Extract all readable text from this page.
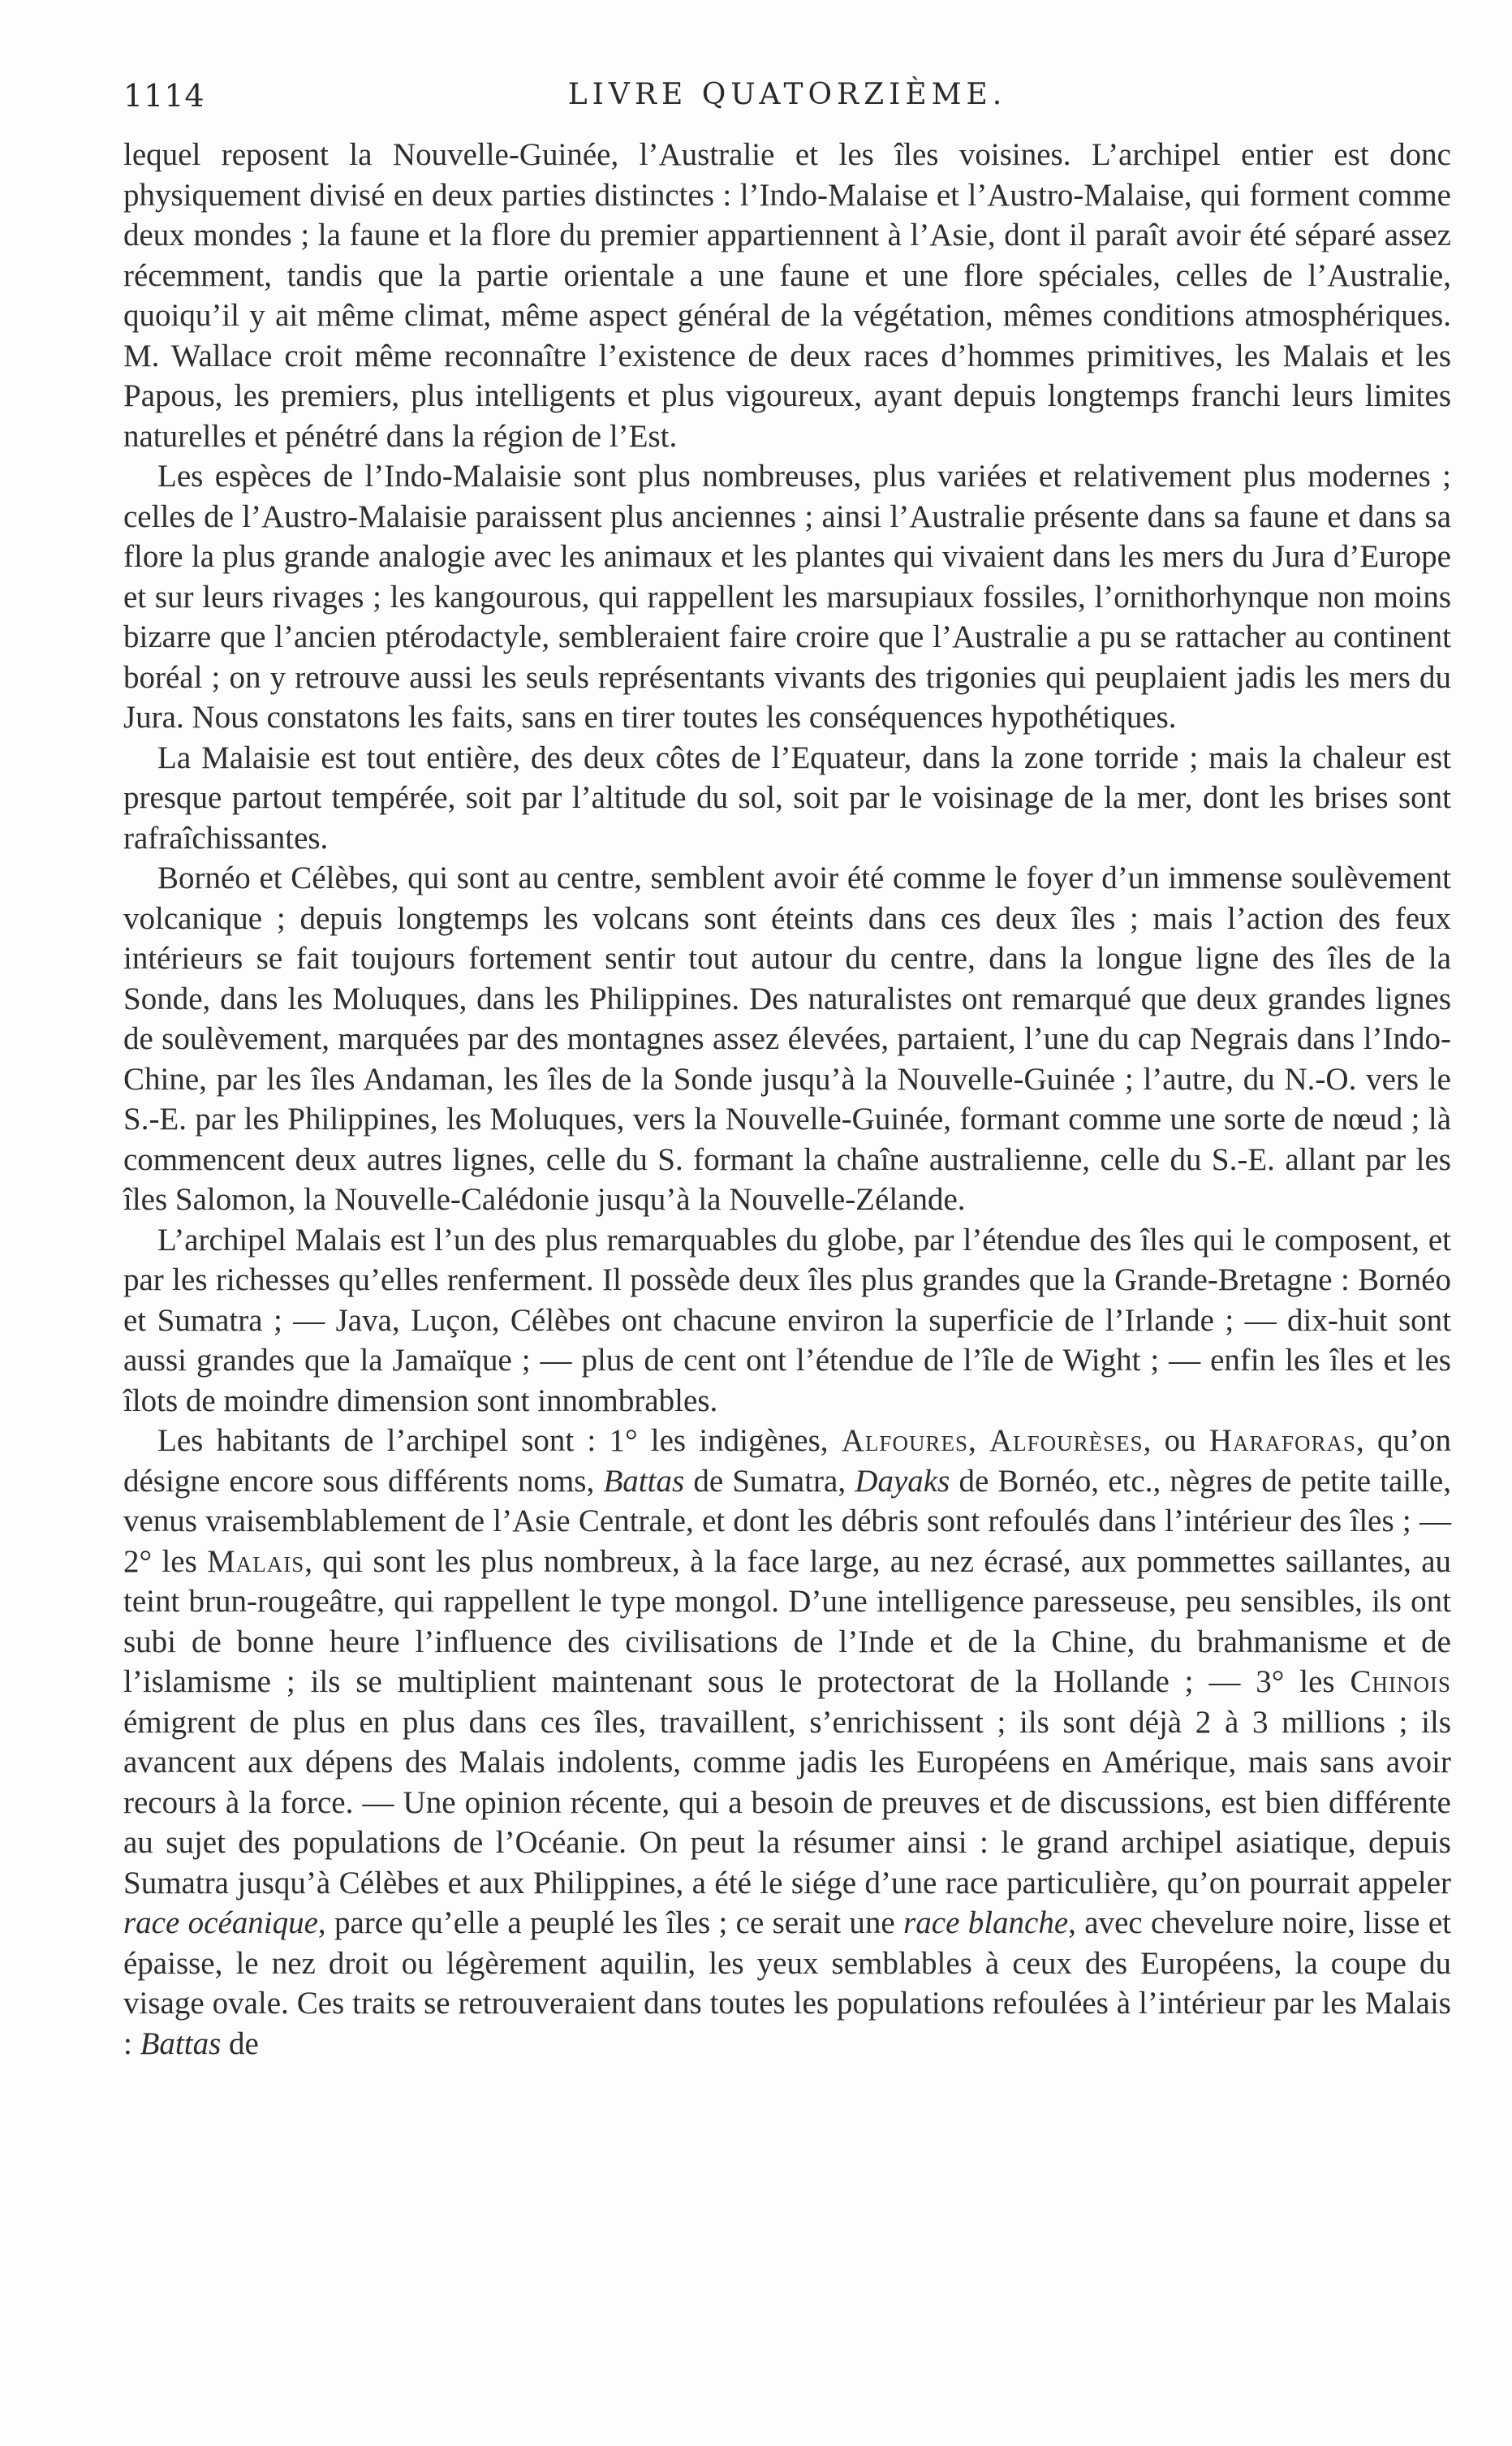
1114	LIVRE QUATORZIÈME.

lequel reposent la Nouvelle-Guinée, l’Australie et les îles voisines. L’archipel entier est donc physiquement divisé en deux parties distinctes : l’Indo-Malaise et l’Austro-Malaise, qui forment comme deux mondes ; la faune et la flore du premier appartiennent à l’Asie, dont il paraît avoir été séparé assez récemment, tandis que la partie orientale a une faune et une flore spéciales, celles de l’Australie, quoiqu’il y ait même climat, même aspect général de la végétation, mêmes conditions atmosphériques. M. Wallace croit même reconnaître l’existence de deux races d’hommes primitives, les Malais et les Papous, les premiers, plus intelligents et plus vigoureux, ayant depuis longtemps franchi leurs limites naturelles et pénétré dans la région de l’Est.

Les espèces de l’Indo-Malaisie sont plus nombreuses, plus variées et relativement plus modernes ; celles de l’Austro-Malaisie paraissent plus anciennes ; ainsi l’Australie présente dans sa faune et dans sa flore la plus grande analogie avec les animaux et les plantes qui vivaient dans les mers du Jura d’Europe et sur leurs rivages ; les kangourous, qui rappellent les marsupiaux fossiles, l’ornithorhynque non moins bizarre que l’ancien ptérodactyle, sembleraient faire croire que l’Australie a pu se rattacher au continent boréal ; on y retrouve aussi les seuls représentants vivants des trigonies qui peuplaient jadis les mers du Jura. Nous constatons les faits, sans en tirer toutes les conséquences hypothétiques.

La Malaisie est tout entière, des deux côtes de l’Equateur, dans la zone torride ; mais la chaleur est presque partout tempérée, soit par l’altitude du sol, soit par le voisinage de la mer, dont les brises sont rafraîchissantes.

Bornéo et Célèbes, qui sont au centre, semblent avoir été comme le foyer d’un immense soulèvement volcanique ; depuis longtemps les volcans sont éteints dans ces deux îles ; mais l’action des feux intérieurs se fait toujours fortement sentir tout autour du centre, dans la longue ligne des îles de la Sonde, dans les Moluques, dans les Philippines. Des naturalistes ont remarqué que deux grandes lignes de soulèvement, marquées par des montagnes assez élevées, partaient, l’une du cap Negrais dans l’Indo-Chine, par les îles Andaman, les îles de la Sonde jusqu’à la Nouvelle-Guinée ; l’autre, du N.-O. vers le S.-E. par les Philippines, les Moluques, vers la Nouvelle-Guinée, formant comme une sorte de nœud ; là commencent deux autres lignes, celle du S. formant la chaîne australienne, celle du S.-E. allant par les îles Salomon, la Nouvelle-Calédonie jusqu’à la Nouvelle-Zélande.

L’archipel Malais est l’un des plus remarquables du globe, par l’étendue des îles qui le composent, et par les richesses qu’elles renferment. Il possède deux îles plus grandes que la Grande-Bretagne : Bornéo et Sumatra ; — Java, Luçon, Célèbes ont chacune environ la superficie de l’Irlande ; — dix-huit sont aussi grandes que la Jamaïque ; — plus de cent ont l’étendue de l’île de Wight ; — enfin les îles et les îlots de moindre dimension sont innombrables.

Les habitants de l’archipel sont : 1° les indigènes, Alfoures, Alfourèses, ou Haraforas, qu’on désigne encore sous différents noms, Battas de Sumatra, Dayaks de Bornéo, etc., nègres de petite taille, venus vraisemblablement de l’Asie Centrale, et dont les débris sont refoulés dans l’intérieur des îles ; — 2° les Malais, qui sont les plus nombreux, à la face large, au nez écrasé, aux pommettes saillantes, au teint brun-rougeâtre, qui rappellent le type mongol. D’une intelligence paresseuse, peu sensibles, ils ont subi de bonne heure l’influence des civilisations de l’Inde et de la Chine, du brahmanisme et de l’islamisme ; ils se multiplient maintenant sous le protectorat de la Hollande ; — 3° les Chinois émigrent de plus en plus dans ces îles, travaillent, s’enrichissent ; ils sont déjà 2 à 3 millions ; ils avancent aux dépens des Malais indolents, comme jadis les Européens en Amérique, mais sans avoir recours à la force. — Une opinion récente, qui a besoin de preuves et de discussions, est bien différente au sujet des populations de l’Océanie. On peut la résumer ainsi : le grand archipel asiatique, depuis Sumatra jusqu’à Célèbes et aux Philippines, a été le siége d’une race particulière, qu’on pourrait appeler race océanique, parce qu’elle a peuplé les îles ; ce serait une race blanche, avec chevelure noire, lisse et épaisse, le nez droit ou légèrement aquilin, les yeux semblables à ceux des Européens, la coupe du visage ovale. Ces traits se retrouveraient dans toutes les populations refoulées à l’intérieur par les Malais : Battas de
